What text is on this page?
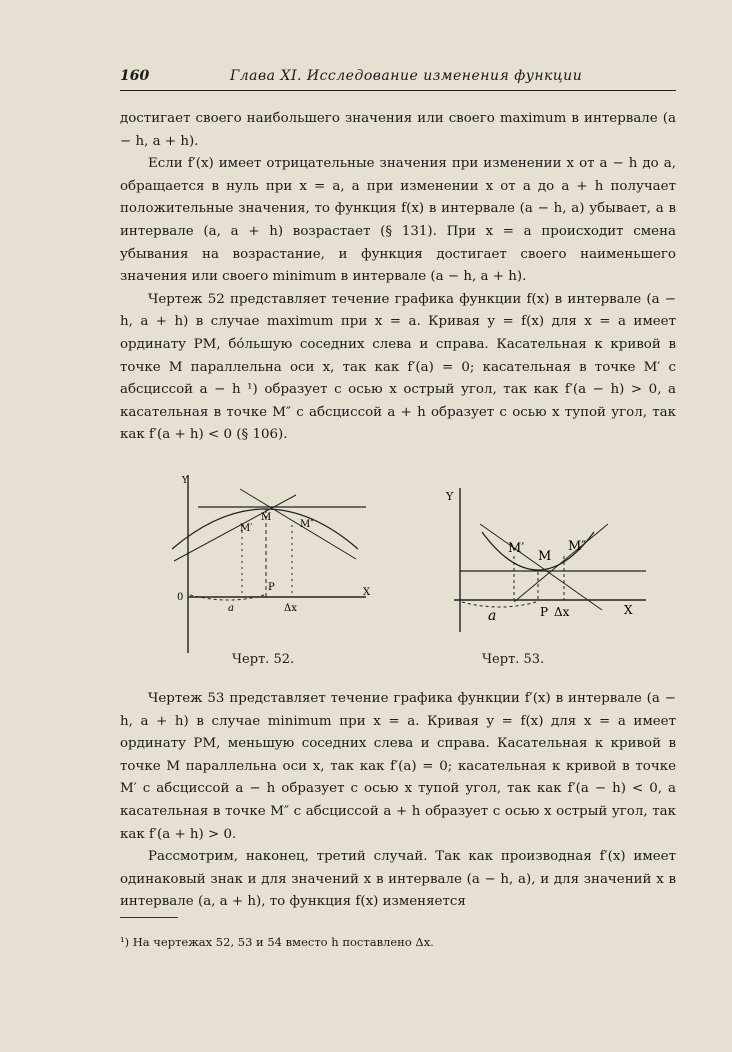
160	Глава XI. Исследование изменения функции

достигает своего наибольшего значения или своего maximum в интервале (a − h, a + h).

Если f′(x) имеет отрицательные значения при изменении x от a − h до a, обращается в нуль при x = a, а при изменении x от a до a + h получает положительные значения, то функция f(x) в интервале (a − h, a) убывает, а в интервале (a, a + h) возрастает (§ 131). При x = a происходит смена убывания на возрастание, и функция достигает своего наименьшего значения или своего minimum в интервале (a − h, a + h).

Чертеж 52 представляет течение графика функции f(x) в интервале (a − h, a + h) в случае maximum при x = a. Кривая y = f(x) для x = a имеет ординату PM, бо́льшую соседних слева и справа. Касательная к кривой в точке M параллельна оси x, так как f′(a) = 0; касательная в точке M′ с абсциссой a − h ¹) образует с осью x острый угол, так как f′(a − h) > 0, а касательная в точке M″ с абсциссой a + h образует с осью x тупой угол, так как f′(a + h) < 0 (§ 106).

Y
0	X
M
M′	M″
P
a	Δx
Черт. 52.
Y
X
M
M′	M″
P
a	Δx
Черт. 53.

Чертеж 53 представляет течение графика функции f′(x) в интервале (a − h, a + h) в случае minimum при x = a. Кривая y = f(x) для x = a имеет ординату PM, меньшую соседних слева и справа. Касательная к кривой в точке M параллельна оси x, так как f′(a) = 0; касательная к кривой в точке M′ с абсциссой a − h образует с осью x тупой угол, так как f′(a − h) < 0, а касательная в точке M″ с абсциссой a + h образует с осью x острый угол, так как f′(a + h) > 0.

Рассмотрим, наконец, третий случай. Так как производная f′(x) имеет одинаковый знак и для значений x в интервале (a − h, a), и для значений x в интервале (a, a + h), то функция f(x) изменяется

¹) На чертежах 52, 53 и 54 вместо h поставлено Δx.
